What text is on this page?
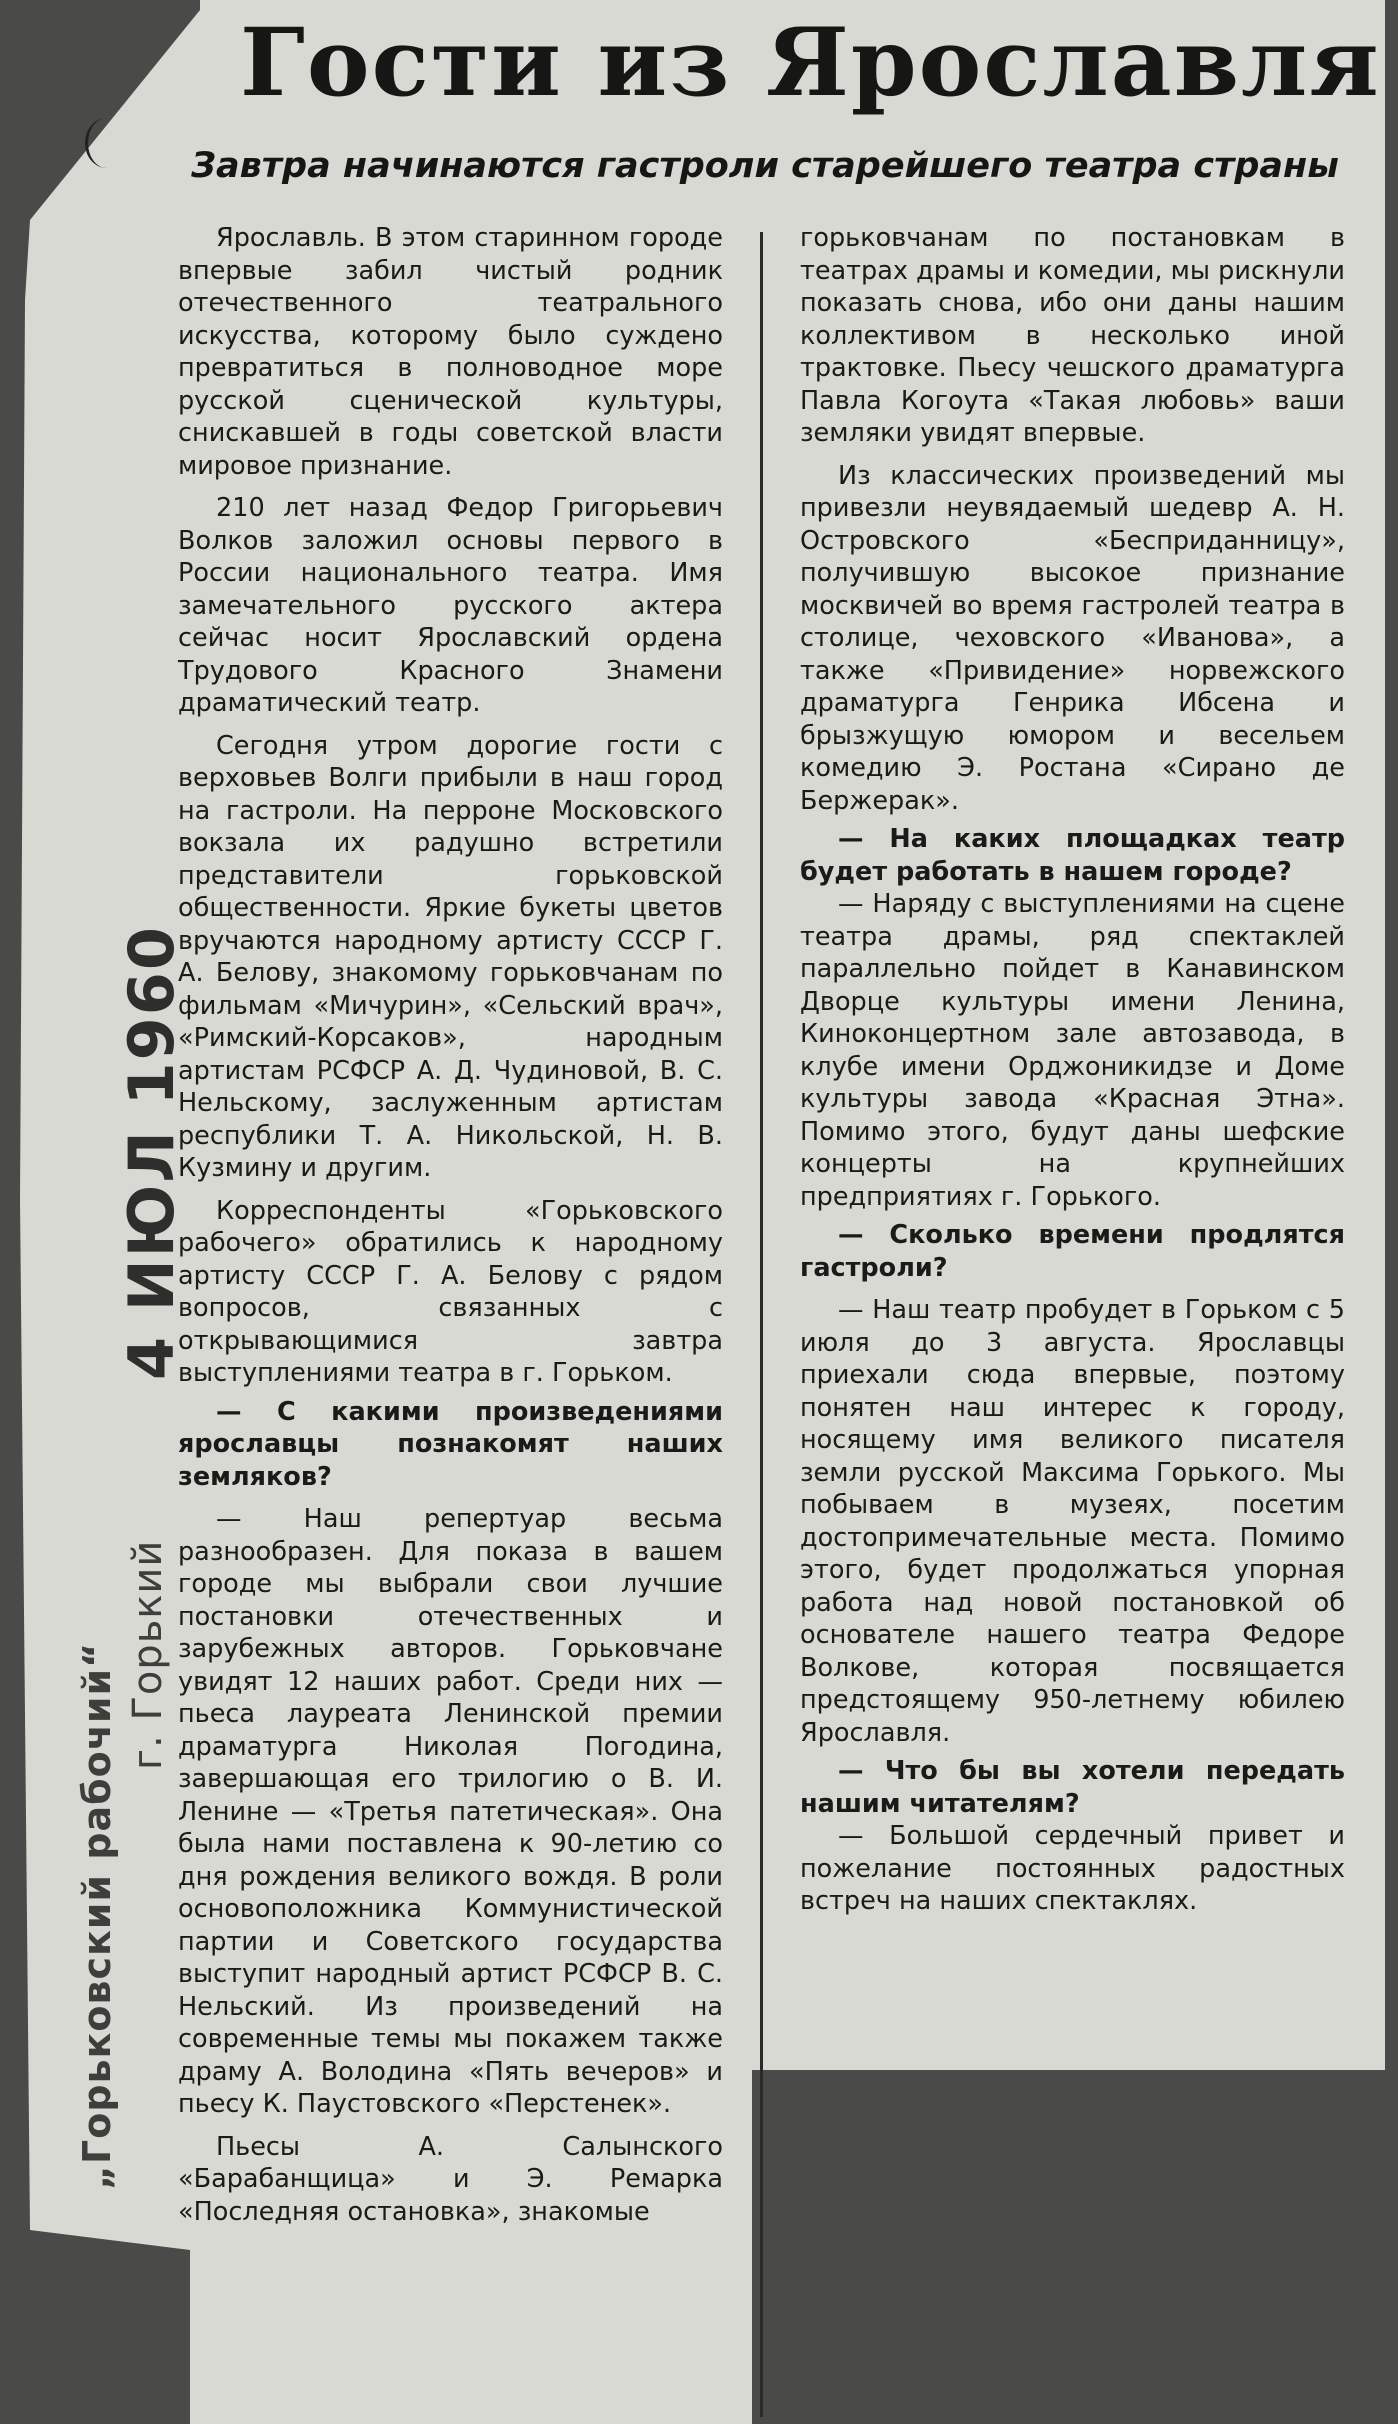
Гости из Ярославля
Завтра начинаются гастроли старейшего театра страны

Ярославль. В этом старинном городе впервые забил чистый родник отечественного театрального искусства, которому было суждено превратиться в полноводное море русской сценической культуры, снискавшей в годы советской власти мировое признание.

210 лет назад Федор Григорьевич Волков заложил основы первого в России национального театра. Имя замечательного русского актера сейчас носит Ярославский ордена Трудового Красного Знамени драматический театр.

Сегодня утром дорогие гости с верховьев Волги прибыли в наш город на гастроли. На перроне Московского вокзала их радушно встретили представители горьковской общественности. Яркие букеты цветов вручаются народному артисту СССР Г. А. Белову, знакомому горьковчанам по фильмам «Мичурин», «Сельский врач», «Римский-Корсаков», народным артистам РСФСР А. Д. Чудиновой, В. С. Нельскому, заслуженным артистам республики Т. А. Никольской, Н. В. Кузмину и другим.

Корреспонденты «Горьковского рабочего» обратились к народному артисту СССР Г. А. Белову с рядом вопросов, связанных с открывающимися завтра выступлениями театра в г. Горьком.

— С какими произведениями ярославцы познакомят наших земляков?

— Наш репертуар весьма разнообразен. Для показа в вашем городе мы выбрали свои лучшие постановки отечественных и зарубежных авторов. Горьковчане увидят 12 наших работ. Среди них — пьеса лауреата Ленинской премии драматурга Николая Погодина, завершающая его трилогию о В. И. Ленине — «Третья патетическая». Она была нами поставлена к 90-летию со дня рождения великого вождя. В роли основоположника Коммунистической партии и Советского государства выступит народный артист РСФСР В. С. Нельский. Из произведений на современные темы мы покажем также драму А. Володина «Пять вечеров» и пьесу К. Паустовского «Перстенек».

Пьесы А. Салынского «Барабанщица» и Э. Ремарка «Последняя остановка», знакомые

горьковчанам по постановкам в театрах драмы и комедии, мы рискнули показать снова, ибо они даны нашим коллективом в несколько иной трактовке. Пьесу чешского драматурга Павла Когоута «Такая любовь» ваши земляки увидят впервые.

Из классических произведений мы привезли неувядаемый шедевр А. Н. Островского «Бесприданницу», получившую высокое признание москвичей во время гастролей театра в столице, чеховского «Иванова», а также «Привидение» норвежского драматурга Генрика Ибсена и брызжущую юмором и весельем комедию Э. Ростана «Сирано де Бержерак».

— На каких площадках театр будет работать в нашем городе?

— Наряду с выступлениями на сцене театра драмы, ряд спектаклей параллельно пойдет в Канавинском Дворце культуры имени Ленина, Киноконцертном зале автозавода, в клубе имени Орджоникидзе и Доме культуры завода «Красная Этна». Помимо этого, будут даны шефские концерты на крупнейших предприятиях г. Горького.

— Сколько времени продлятся гастроли?

— Наш театр пробудет в Горьком с 5 июля до 3 августа. Ярославцы приехали сюда впервые, поэтому понятен наш интерес к городу, носящему имя великого писателя земли русской Максима Горького. Мы побываем в музеях, посетим достопримечательные места. Помимо этого, будет продолжаться упорная работа над новой постановкой об основателе нашего театра Федоре Волкове, которая посвящается предстоящему 950-летнему юбилею Ярославля.

— Что бы вы хотели передать нашим читателям?

— Большой сердечный привет и пожелание постоянных радостных встреч на наших спектаклях.

„Горьковский рабочий“ г. Горький
4 ИЮЛ 1960
